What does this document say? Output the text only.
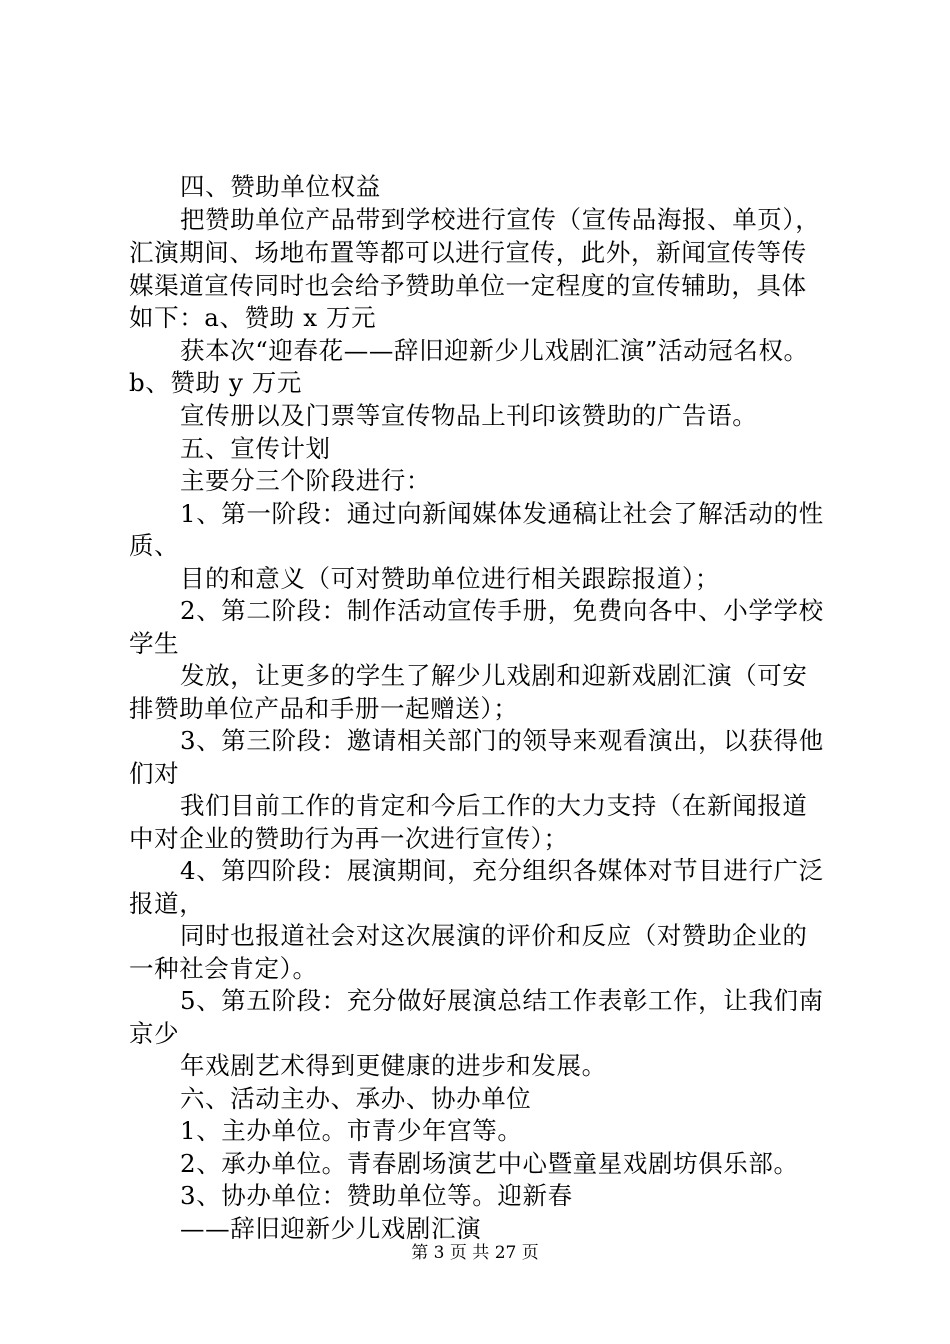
四、赞助单位权益
把赞助单位产品带到学校进行宣传（宣传品海报、单页），
汇演期间、场地布置等都可以进行宣传，此外，新闻宣传等传
媒渠道宣传同时也会给予赞助单位一定程度的宣传辅助，具体
如下：a、赞助 x 万元
获本次“迎春花——辞旧迎新少儿戏剧汇演”活动冠名权。
b、赞助 y 万元
宣传册以及门票等宣传物品上刊印该赞助的广告语。
五、宣传计划
主要分三个阶段进行：
1、第一阶段：通过向新闻媒体发通稿让社会了解活动的性
质、
目的和意义（可对赞助单位进行相关跟踪报道）；
2、第二阶段：制作活动宣传手册，免费向各中、小学学校
学生
发放，让更多的学生了解少儿戏剧和迎新戏剧汇演（可安
排赞助单位产品和手册一起赠送）；
3、第三阶段：邀请相关部门的领导来观看演出，以获得他
们对
我们目前工作的肯定和今后工作的大力支持（在新闻报道
中对企业的赞助行为再一次进行宣传）；
4、第四阶段：展演期间，充分组织各媒体对节目进行广泛
报道，
同时也报道社会对这次展演的评价和反应（对赞助企业的
一种社会肯定）。
5、第五阶段：充分做好展演总结工作表彰工作，让我们南
京少
年戏剧艺术得到更健康的进步和发展。
六、活动主办、承办、协办单位
1、主办单位。市青少年宫等。
2、承办单位。青春剧场演艺中心暨童星戏剧坊俱乐部。
3、协办单位：赞助单位等。迎新春
——辞旧迎新少儿戏剧汇演
第 3 页 共 27 页
